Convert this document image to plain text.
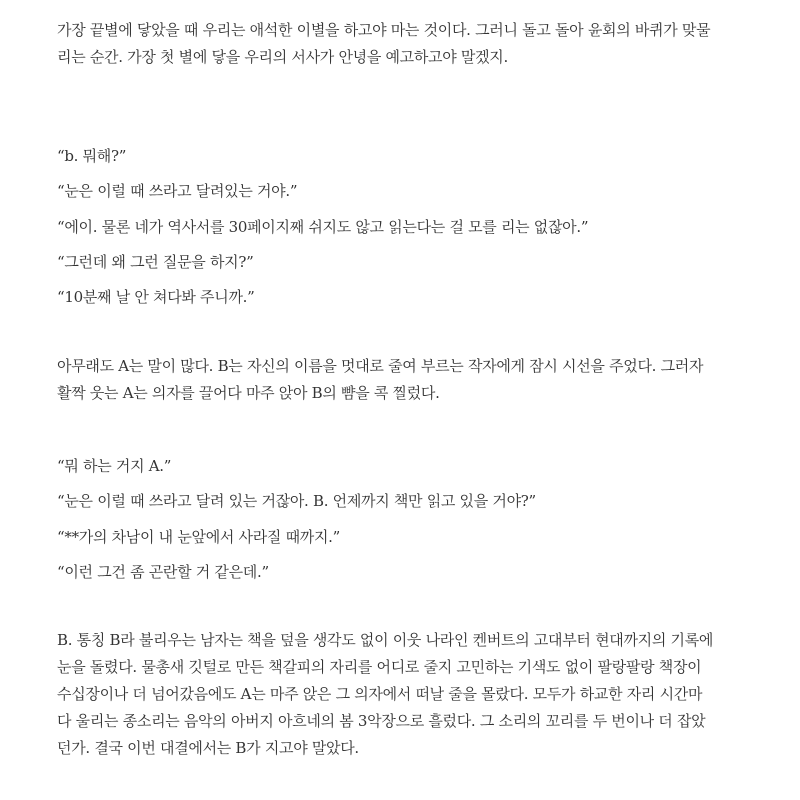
가장 끝별에 닿았을 때 우리는 애석한 이별을 하고야 마는 것이다. 그러니 돌고 돌아 윤회의 바퀴가 맞물
리는 순간. 가장 첫 별에 닿을 우리의 서사가 안녕을 예고하고야 말겠지.

“b. 뭐해?”
“눈은 이럴 때 쓰라고 달려있는 거야.”
“에이. 물론 네가 역사서를 30페이지째 쉬지도 않고 읽는다는 걸 모를 리는 없잖아.”
“그런데 왜 그런 질문을 하지?”
“10분째 날 안 쳐다봐 주니까.”

아무래도 A는 말이 많다. B는 자신의 이름을 멋대로 줄여 부르는 작자에게 잠시 시선을 주었다. 그러자
활짝 웃는 A는 의자를 끌어다 마주 앉아 B의 뺨을 콕 찔렀다.

“뭐 하는 거지 A.”
“눈은 이럴 때 쓰라고 달려 있는 거잖아. B. 언제까지 책만 읽고 있을 거야?”
“**가의 차남이 내 눈앞에서 사라질 때까지.”
“이런 그건 좀 곤란할 거 같은데.”

B. 통칭 B라 불리우는 남자는 책을 덮을 생각도 없이 이웃 나라인 켄버트의 고대부터 현대까지의 기록에
눈을 돌렸다. 물총새 깃털로 만든 책갈피의 자리를 어디로 줄지 고민하는 기색도 없이 팔랑팔랑 책장이
수십장이나 더 넘어갔음에도 A는 마주 앉은 그 의자에서 떠날 줄을 몰랐다. 모두가 하교한 자리 시간마
다 울리는 종소리는 음악의 아버지 아흐네의 봄 3악장으로 흘렀다. 그 소리의 꼬리를 두 번이나 더 잡았
던가. 결국 이번 대결에서는 B가 지고야 말았다.
